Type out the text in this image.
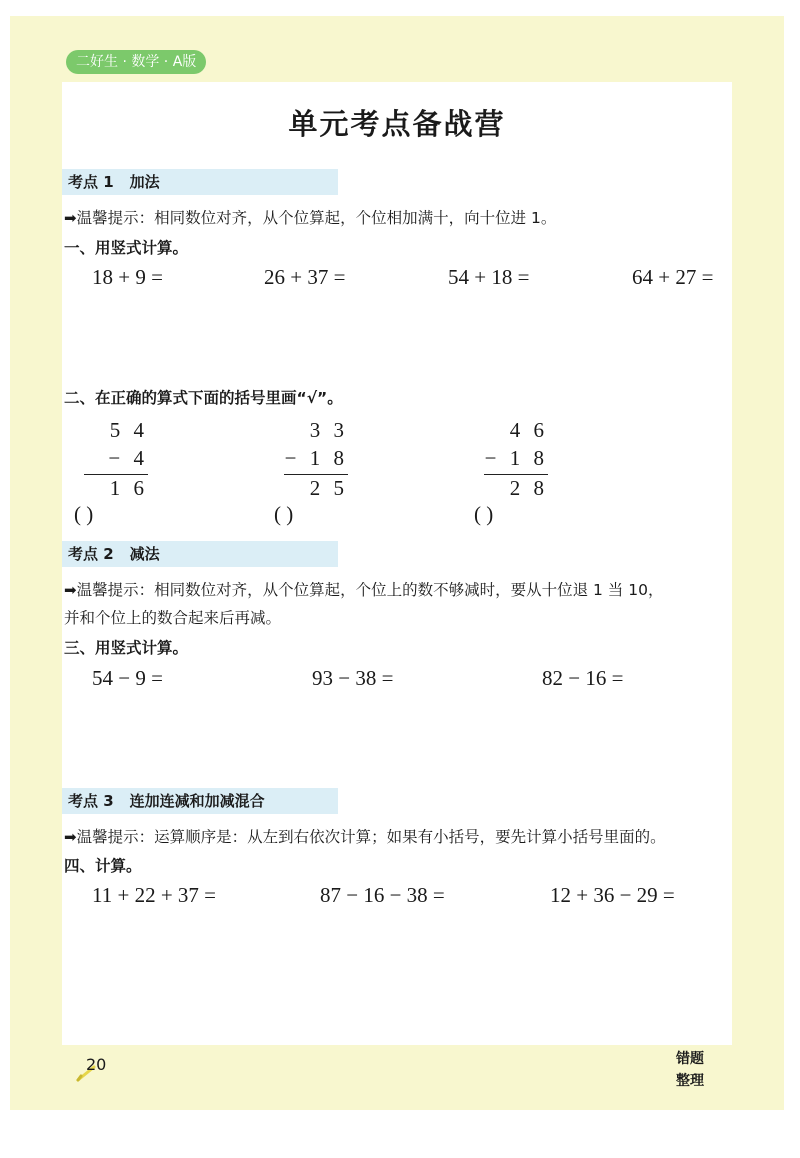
二好生 · 数学 · A版
单元考点备战营
考点 1 加法
➡温馨提示：相同数位对齐，从个位算起，个位相加满十，向十位进 1。
一、用竖式计算。
18 + 9 =	26 + 37 =	54 + 18 =	64 + 27 =
二、在正确的算式下面的括号里画“√”。
5 4
− 4
1 6
( )
3 3
− 1 8
2 5
( )
4 6
− 1 8
2 8
( )
考点 2 减法
➡温馨提示：相同数位对齐，从个位算起，个位上的数不够减时，要从十位退 1 当 10，
并和个位上的数合起来后再减。
三、用竖式计算。
54 − 9 =	93 − 38 =	82 − 16 =
考点 3 连加连减和加减混合
➡温馨提示：运算顺序是：从左到右依次计算；如果有小括号，要先计算小括号里面的。
四、计算。
11 + 22 + 37 =	87 − 16 − 38 =	12 + 36 − 29 =
20	错题
整理
